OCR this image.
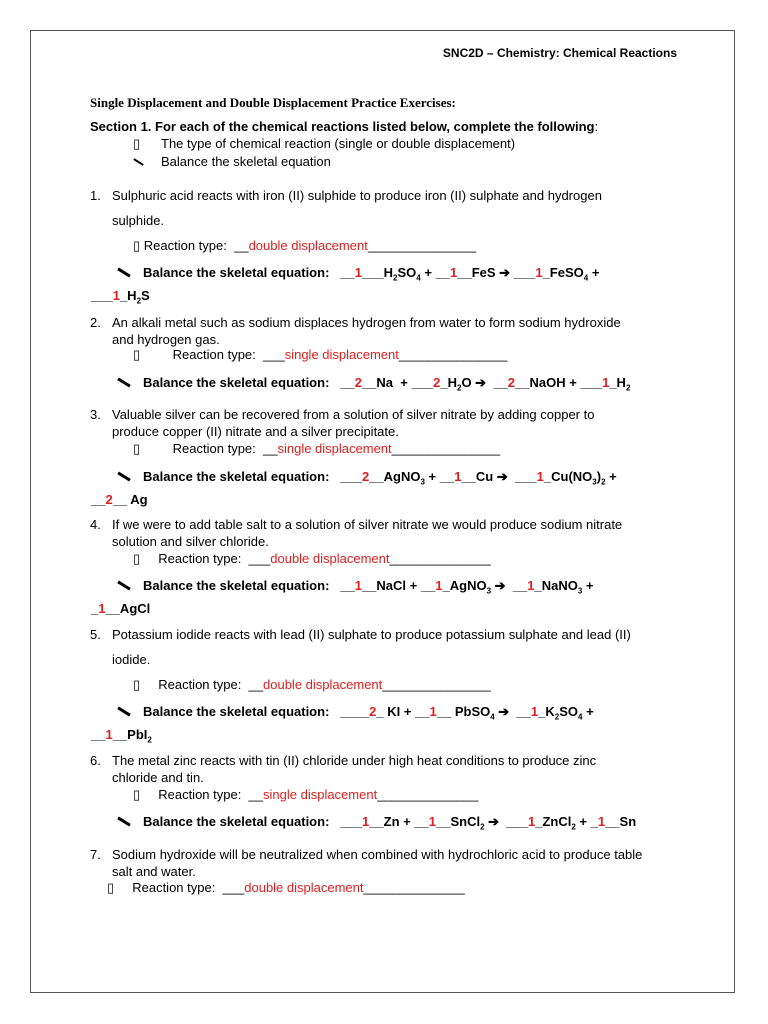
SNC2D – Chemistry: Chemical Reactions
Single Displacement and Double Displacement Practice Exercises:
Section 1. For each of the chemical reactions listed below, complete the following:
▯ The type of chemical reaction (single or double displacement)
Balance the skeletal equation
1. Sulphuric acid reacts with iron (II) sulphide to produce iron (II) sulphate and hydrogen
sulphide.
▯ Reaction type:  __double displacement_______________
Balance the skeletal equation:   $\_\_1\_\_\_H_2SO_4$ + __1__FeS ➔ ___1_FeSO$_4$ +
$\_\_\_1\_H_2S$
2. An alkali metal such as sodium displaces hydrogen from water to form sodium hydroxide
and hydrogen gas.
▯	Reaction type:  ___single displacement_______________
Balance the skeletal equation:   __2__Na  + $\_\_\_2\_H_2O$ ➔  __2__NaOH + $\_\_\_1\_H_2$
3. Valuable silver can be recovered from a solution of silver nitrate by adding copper to
produce copper (II) nitrate and a silver precipitate.
▯	Reaction type:  __single displacement_______________
Balance the skeletal equation:   ___2__AgNO$_3$ + __1__Cu ➔  $\_\_\_1\_Cu(NO_3)_2$ +
__2__ Ag
4. If we were to add table salt to a solution of silver nitrate we would produce sodium nitrate
solution and silver chloride.
▯ Reaction type:  ___double displacement______________
Balance the skeletal equation:   __1__NaCl + __1_AgNO$_3$ ➔  __1_NaNO$_3$ +
_1__AgCl
5. Potassium iodide reacts with lead (II) sulphate to produce potassium sulphate and lead (II)
iodide.
▯ Reaction type:  __double displacement_______________
Balance the skeletal equation:   ____2_ KI + __1__ PbSO$_4$ ➔  $\_\_1\_K_2SO_4$ +
__1__PbI$_2$
6. The metal zinc reacts with tin (II) chloride under high heat conditions to produce zinc
chloride and tin.
▯ Reaction type:  __single displacement______________
Balance the skeletal equation:   ___1__Zn + __1__SnCl$_2$ ➔  ___1_ZnCl$_2$ + _1__Sn
7. Sodium hydroxide will be neutralized when combined with hydrochloric acid to produce table
salt and water.
▯ Reaction type:  ___double displacement______________
